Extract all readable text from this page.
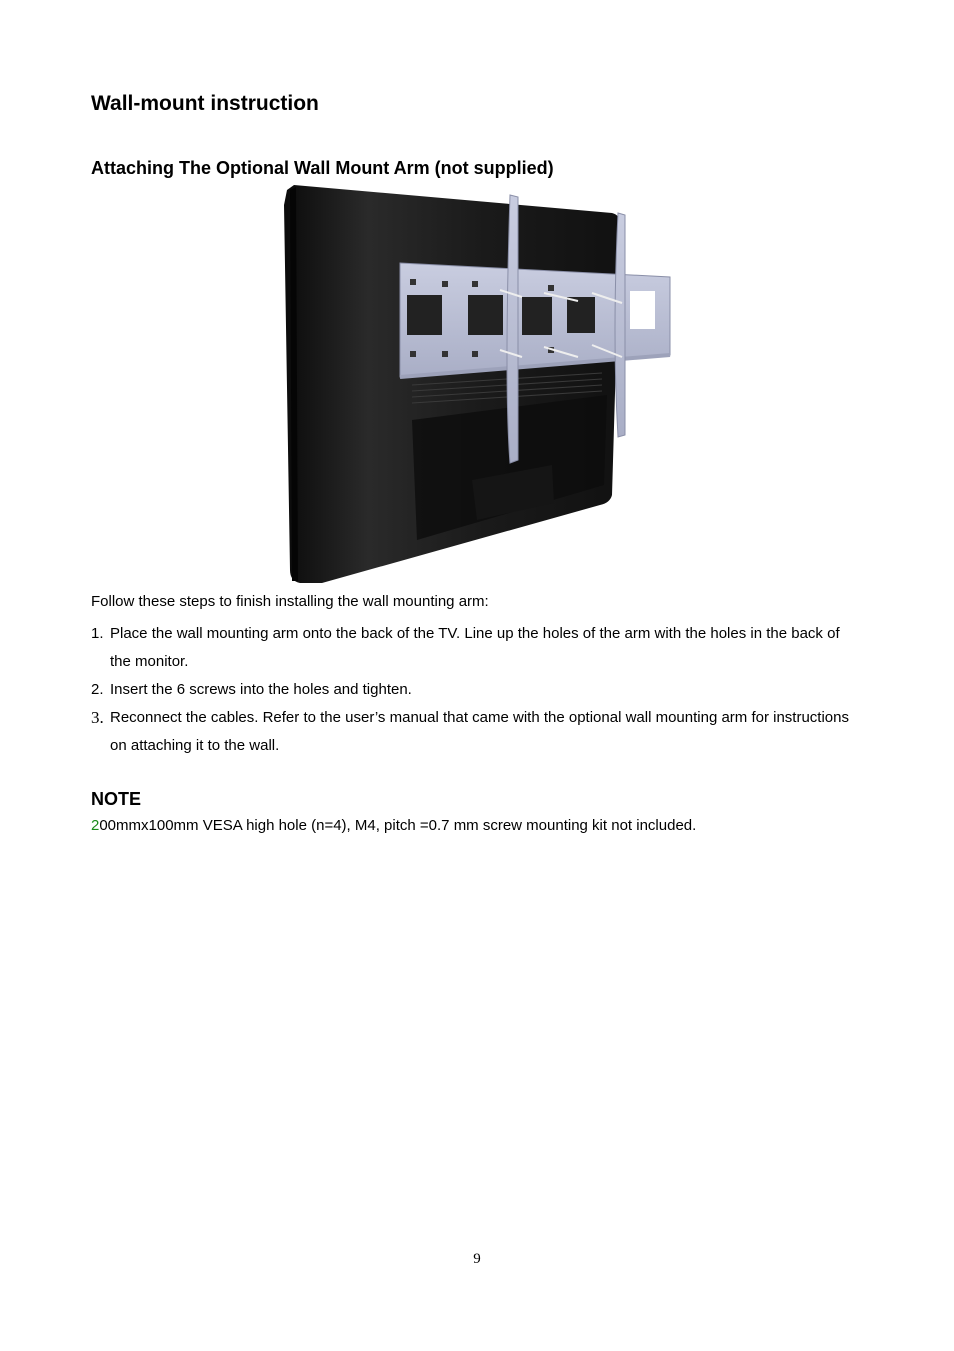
Wall-mount instruction
Attaching The Optional Wall Mount Arm (not supplied)

Follow these steps to finish installing the wall mounting arm:

1. Place the wall mounting arm onto the back of the TV. Line up the holes of the arm with the holes in the back of the monitor.
2. Insert the 6 screws into the holes and tighten.
3. Reconnect the cables. Refer to the user’s manual that came with the optional wall mounting arm for instructions on attaching it to the wall.
NOTE

200mmx100mm VESA high hole (n=4), M4, pitch =0.7 mm screw mounting kit not included.

9
